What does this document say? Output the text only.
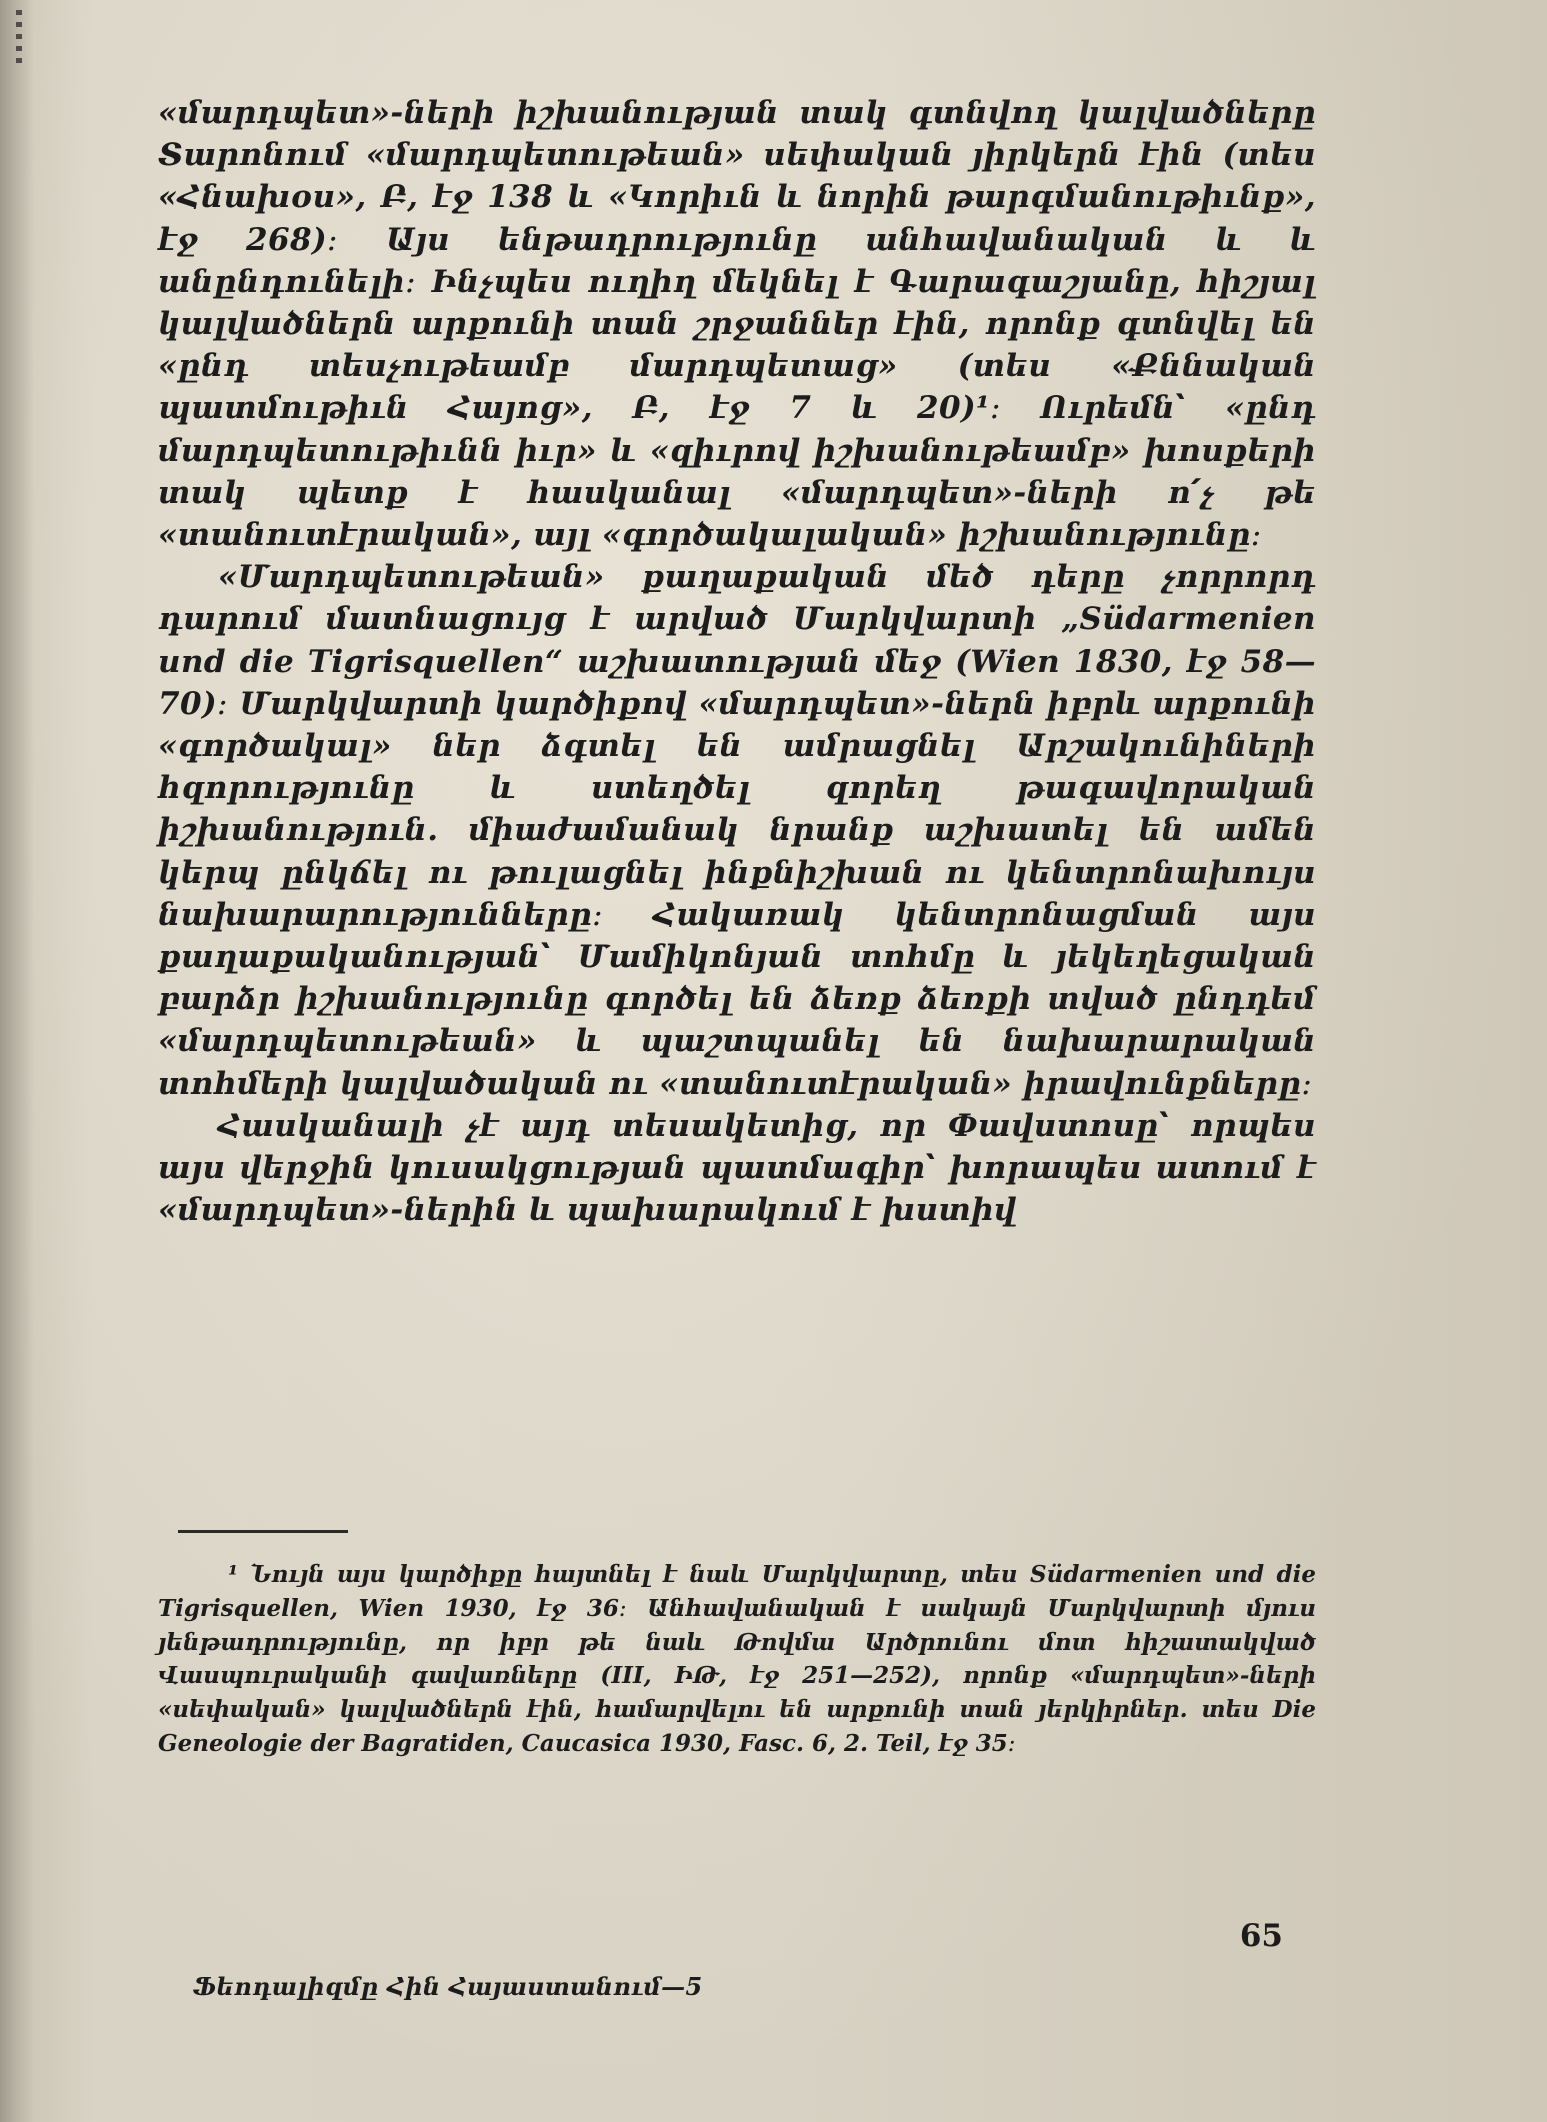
«մարդպետ»-ների իշխանության տակ գտնվող կալվածները Տարոնում «մարդպետութեան» սեփական յիրկերն էին (տես «Հնախօս», Բ, էջ 138 և «Կորիւն և նորին թարգմանութիւնք», էջ 268)։ Այս ենթադրությունը անհավանական և և անընդունելի։ Ինչպես ուղիղ մեկնել է Գարագաշյանը, հիշյալ կալվածներն արքունի տան շրջաններ էին, որոնք գտնվել են «ընդ տեսչութեամբ մարդպետաց» (տես «Քննական պատմութիւն Հայոց», Բ, էջ 7 և 20)¹։ Ուրեմն՝ «ընդ մարդպետութիւնն իւր» և «զիւրով իշխանութեամբ» խոսքերի տակ պետք է հասկանալ «մարդպետ»-ների ո՛չ թե «տանուտէրական», այլ «գործակալական» իշխանությունը։

«Մարդպետութեան» քաղաքական մեծ դերը չորրորդ դարում մատնացույց է արված Մարկվարտի „Südarmenien und die Tigrisquellen“ աշխատության մեջ (Wien 1830, էջ 58—70)։ Մարկվարտի կարծիքով «մարդպետ»-ներն իբրև արքունի «գործակալ» ներ ձգտել են ամրացնել Արշակունիների հզորությունը և ստեղծել զորեղ թագավորական իշխանություն. միաժամանակ նրանք աշխատել են ամեն կերպ ընկճել ու թուլացնել ինքնիշխան ու կենտրոնախույս նախարարությունները։ Հակառակ կենտրոնացման այս քաղաքականության՝ Մամիկոնյան տոհմը և յեկեղեցական բարձր իշխանությունը գործել են ձեռք ձեռքի տված ընդդեմ «մարդպետութեան» և պաշտպանել են նախարարական տոհմերի կալվածական ու «տանուտէրական» իրավունքները։

Հասկանալի չէ այդ տեսակետից, որ Փավստոսը՝ որպես այս վերջին կուսակցության պատմագիր՝ խորապես ատում է «մարդպետ»-ներին և պախարակում է խստիվ

¹ Նույն այս կարծիքը հայտնել է նաև Մարկվարտը, տես Südarmenien und die Tigrisquellen, Wien 1930, էջ 36։ Անհավանական է սակայն Մարկվարտի մյուս յենթադրությունը, որ իբր թե նաև Թովմա Արծրունու մոտ հիշատակված Վասպուրականի գավառները (III, ԻԹ, էջ 251—252), որոնք «մարդպետ»-ների «սեփական» կալվածներն էին, համարվելու են արքունի տան յերկիրներ. տես Die Geneologie der Bagratiden, Caucasica 1930, Fasc. 6, 2. Teil, էջ 35։
65
Ֆեոդալիզմը Հին Հայաստանում—5
